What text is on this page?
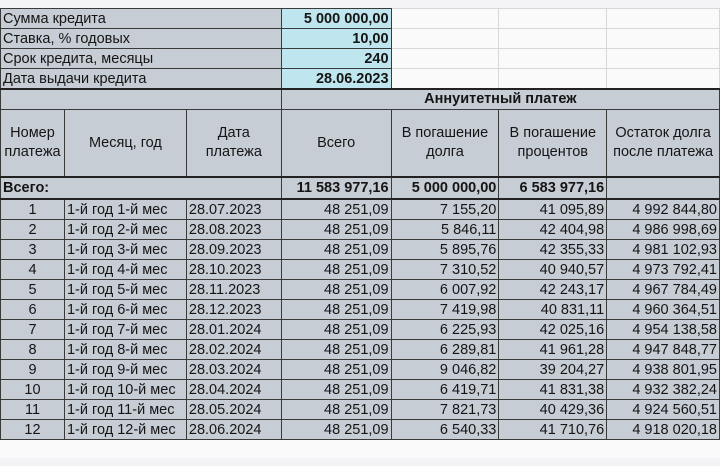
Сумма кредита			5 000 000,00			
Ставка, % годовых			10,00			
Срок кредита, месяцы			240			
Дата выдачи кредита			28.06.2023			
			Аннуитетный платеж			

Номер платежа	Месяц, год	Дата платежа	Всего	В погашение долга	В погашение процентов	Остаток долга после платежа
Всего:			11 583 977,16	5 000 000,00	6 583 977,16	
1	1-й год 1-й мес	28.07.2023	48 251,09	7 155,20	41 095,89	4 992 844,80
2	1-й год 2-й мес	28.08.2023	48 251,09	5 846,11	42 404,98	4 986 998,69
3	1-й год 3-й мес	28.09.2023	48 251,09	5 895,76	42 355,33	4 981 102,93
4	1-й год 4-й мес	28.10.2023	48 251,09	7 310,52	40 940,57	4 973 792,41
5	1-й год 5-й мес	28.11.2023	48 251,09	6 007,92	42 243,17	4 967 784,49
6	1-й год 6-й мес	28.12.2023	48 251,09	7 419,98	40 831,11	4 960 364,51
7	1-й год 7-й мес	28.01.2024	48 251,09	6 225,93	42 025,16	4 954 138,58
8	1-й год 8-й мес	28.02.2024	48 251,09	6 289,81	41 961,28	4 947 848,77
9	1-й год 9-й мес	28.03.2024	48 251,09	9 046,82	39 204,27	4 938 801,95
10	1-й год 10-й мес	28.04.2024	48 251,09	6 419,71	41 831,38	4 932 382,24
11	1-й год 11-й мес	28.05.2024	48 251,09	7 821,73	40 429,36	4 924 560,51
12	1-й год 12-й мес	28.06.2024	48 251,09	6 540,33	41 710,76	4 918 020,18
